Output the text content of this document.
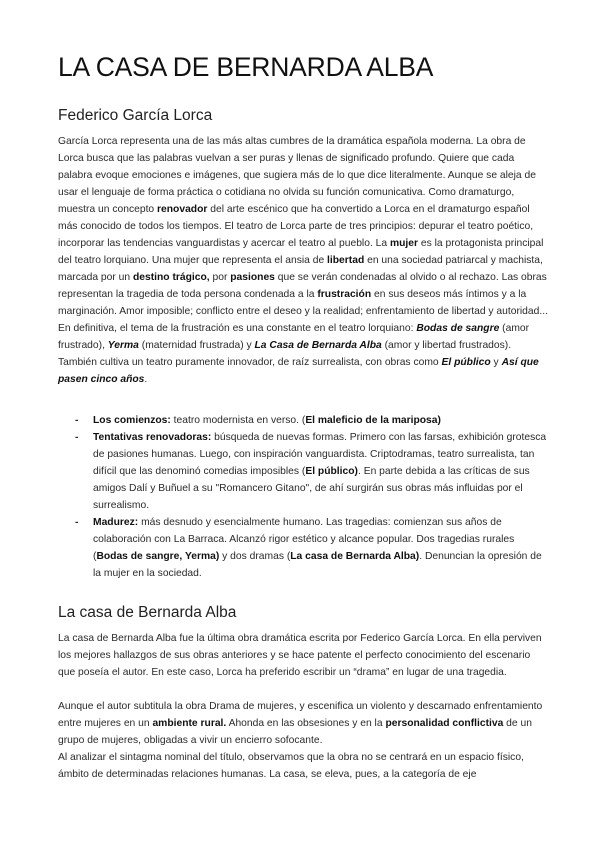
LA CASA DE BERNARDA ALBA
Federico García Lorca

García Lorca representa una de las más altas cumbres de la dramática española moderna. La obra de Lorca busca que las palabras vuelvan a ser puras y llenas de significado profundo. Quiere que cada palabra evoque emociones e imágenes, que sugiera más de lo que dice literalmente. Aunque se aleja de usar el lenguaje de forma práctica o cotidiana no olvida su función comunicativa. Como dramaturgo, muestra un concepto renovador del arte escénico que ha convertido a Lorca en el dramaturgo español más conocido de todos los tiempos. El teatro de Lorca parte de tres principios: depurar el teatro poético, incorporar las tendencias vanguardistas y acercar el teatro al pueblo. La mujer es la protagonista principal del teatro lorquiano. Una mujer que representa el ansia de libertad en una sociedad patriarcal y machista, marcada por un destino trágico, por pasiones que se verán condenadas al olvido o al rechazo. Las obras representan la tragedia de toda persona condenada a la frustración en sus deseos más íntimos y a la marginación. Amor imposible; conflicto entre el deseo y la realidad; enfrentamiento de libertad y autoridad... En definitiva, el tema de la frustración es una constante en el teatro lorquiano: Bodas de sangre (amor frustrado), Yerma (maternidad frustrada) y La Casa de Bernarda Alba (amor y libertad frustrados). También cultiva un teatro puramente innovador, de raíz surrealista, con obras como El público y Así que pasen cinco años.

- Los comienzos: teatro modernista en verso. (El maleficio de la mariposa)
- Tentativas renovadoras: búsqueda de nuevas formas. Primero con las farsas, exhibición grotesca de pasiones humanas. Luego, con inspiración vanguardista. Criptodramas, teatro surrealista, tan difícil que las denominó comedias imposibles (El público). En parte debida a las críticas de sus amigos Dalí y Buñuel a su "Romancero Gitano", de ahí surgirán sus obras más influidas por el surrealismo.
- Madurez: más desnudo y esencialmente humano. Las tragedias: comienzan sus años de colaboración con La Barraca. Alcanzó rigor estético y alcance popular. Dos tragedias rurales (Bodas de sangre, Yerma) y dos dramas (La casa de Bernarda Alba). Denuncian la opresión de la mujer en la sociedad.
La casa de Bernarda Alba

La casa de Bernarda Alba fue la última obra dramática escrita por Federico García Lorca. En ella perviven los mejores hallazgos de sus obras anteriores y se hace patente el perfecto conocimiento del escenario que poseía el autor. En este caso, Lorca ha preferido escribir un “drama” en lugar de una tragedia.

Aunque el autor subtitula la obra Drama de mujeres, y escenifica un violento y descarnado enfrentamiento entre mujeres en un ambiente rural. Ahonda en las obsesiones y en la personalidad conflictiva de un grupo de mujeres, obligadas a vivir un encierro sofocante.

Al analizar el sintagma nominal del título, observamos que la obra no se centrará en un espacio físico, ámbito de determinadas relaciones humanas. La casa, se eleva, pues, a la categoría de eje
